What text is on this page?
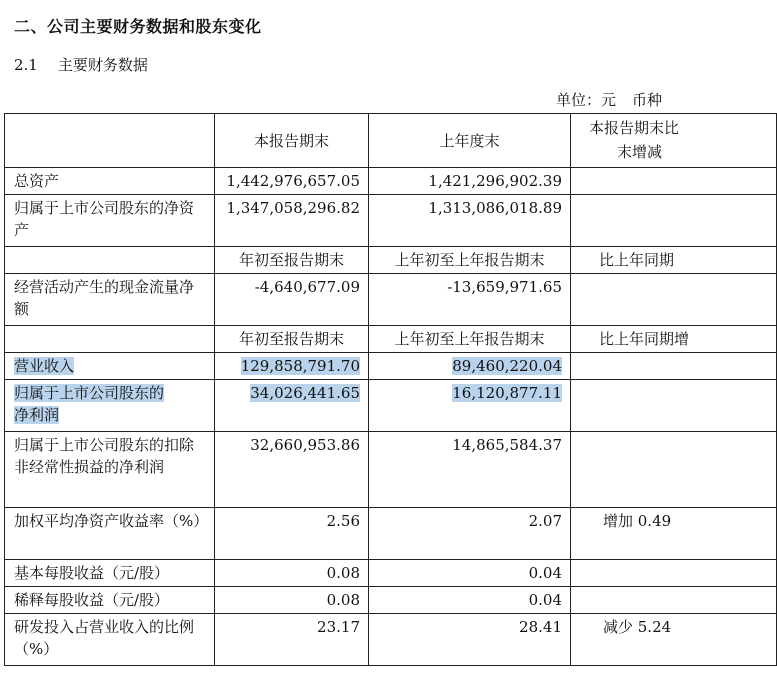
二、公司主要财务数据和股东变化
2.1 主要财务数据
单位：元 币种
	本报告期末	上年度末	本报告期末比
末增减

总资产	1,442,976,657.05	1,421,296,902.39	
归属于上市公司股东的净资产	1,347,058,296.82	1,313,086,018.89	
	年初至报告期末	上年初至上年报告期末	比上年同期
经营活动产生的现金流量净额	-4,640,677.09	-13,659,971.65	
	年初至报告期末	上年初至上年报告期末	比上年同期增
营业收入	129,858,791.70	89,460,220.04	
归属于上市公司股东的
净利润	34,026,441.65	16,120,877.11	
归属于上市公司股东的扣除非经常性损益的净利润	32,660,953.86	14,865,584.37	
加权平均净资产收益率（%）	2.56	2.07	增加 0.49
基本每股收益（元/股）	0.08	0.04	
稀释每股收益（元/股）	0.08	0.04	
研发投入占营业收入的比例（%）	23.17	28.41	减少 5.24
